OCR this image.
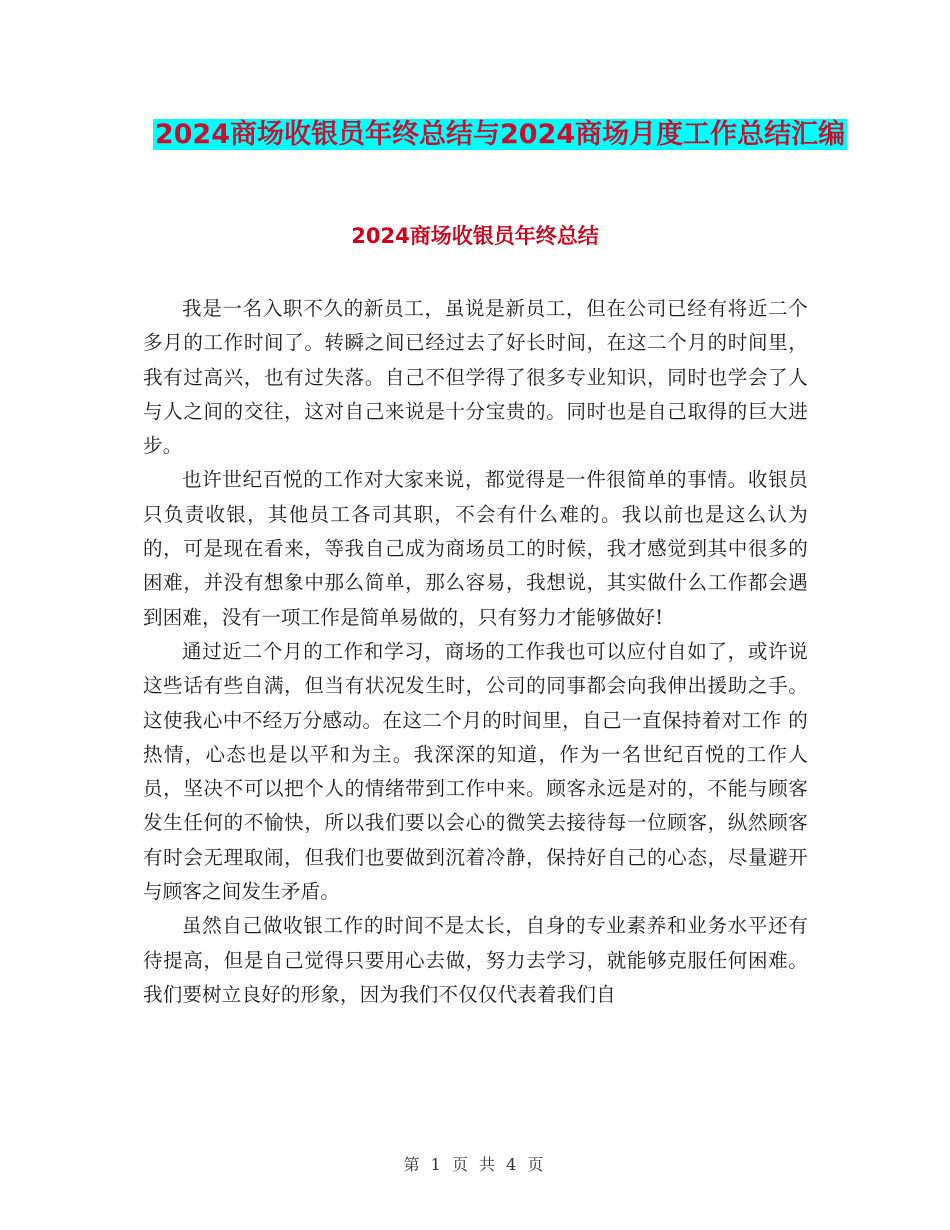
2024商场收银员年终总结与2024商场月度工作总结汇编
2024商场收银员年终总结

我是一名入职不久的新员工，虽说是新员工，但在公司已经有将近二个多月的工作时间了。转瞬之间已经过去了好长时间，在这二个月的时间里，我有过高兴，也有过失落。自己不但学得了很多专业知识，同时也学会了人与人之间的交往，这对自己来说是十分宝贵的。同时也是自己取得的巨大进步。

也许世纪百悦的工作对大家来说，都觉得是一件很简单的事情。收银员只负责收银，其他员工各司其职，不会有什么难的。我以前也是这么认为的，可是现在看来，等我自己成为商场员工的时候，我才感觉到其中很多的困难，并没有想象中那么简单，那么容易，我想说，其实做什么工作都会遇到困难，没有一项工作是简单易做的，只有努力才能够做好!

通过近二个月的工作和学习，商场的工作我也可以应付自如了，或许说这些话有些自满，但当有状况发生时，公司的同事都会向我伸出援助之手。这使我心中不经万分感动。在这二个月的时间里，自己一直保持着对工作 的热情，心态也是以平和为主。我深深的知道，作为一名世纪百悦的工作人员，坚决不可以把个人的情绪带到工作中来。顾客永远是对的，不能与顾客发生任何的不愉快，所以我们要以会心的微笑去接待每一位顾客，纵然顾客有时会无理取闹，但我们也要做到沉着冷静，保持好自己的心态，尽量避开与顾客之间发生矛盾。

虽然自己做收银工作的时间不是太长，自身的专业素养和业务水平还有待提高，但是自己觉得只要用心去做，努力去学习，就能够克服任何困难。我们要树立良好的形象，因为我们不仅仅代表着我们自

第 1 页 共 4 页
